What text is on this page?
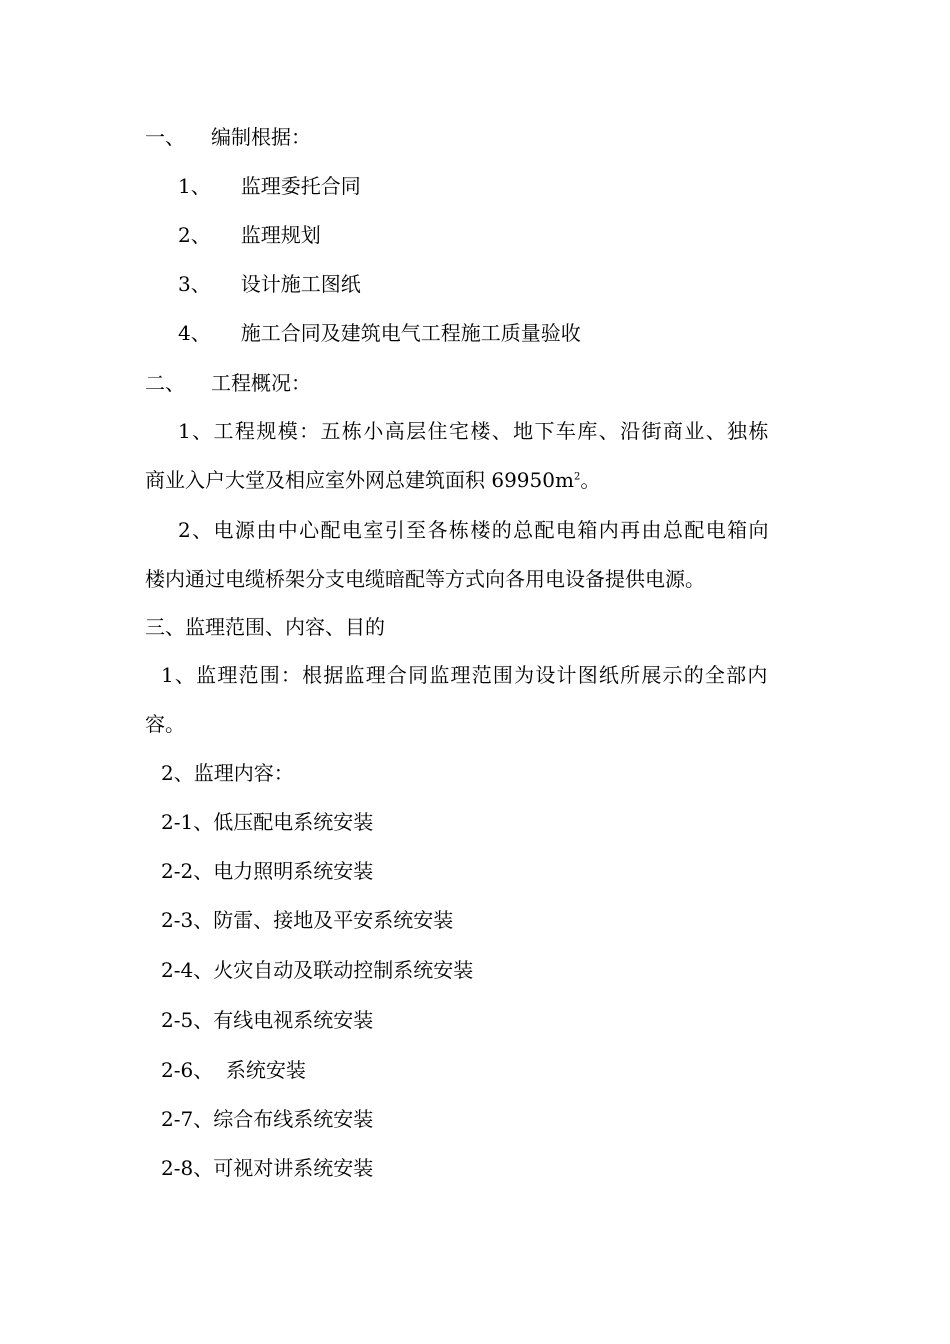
一、 编制根据：
1、 监理委托合同
2、 监理规划
3、 设计施工图纸
4、 施工合同及建筑电气工程施工质量验收
二、 工程概况：
1、工程规模：五栋小高层住宅楼、地下车库、沿街商业、独栋
商业入户大堂及相应室外网总建筑面积 $69950m^2$。
2、电源由中心配电室引至各栋楼的总配电箱内再由总配电箱向
楼内通过电缆桥架分支电缆暗配等方式向各用电设备提供电源。
三、监理范围、内容、目的
1、监理范围：根据监理合同监理范围为设计图纸所展示的全部内
容。
2、监理内容：
2-1、低压配电系统安装
2-2、电力照明系统安装
2-3、防雷、接地及平安系统安装
2-4、火灾自动及联动控制系统安装
2-5、有线电视系统安装
2-6、  系统安装
2-7、综合布线系统安装
2-8、可视对讲系统安装
